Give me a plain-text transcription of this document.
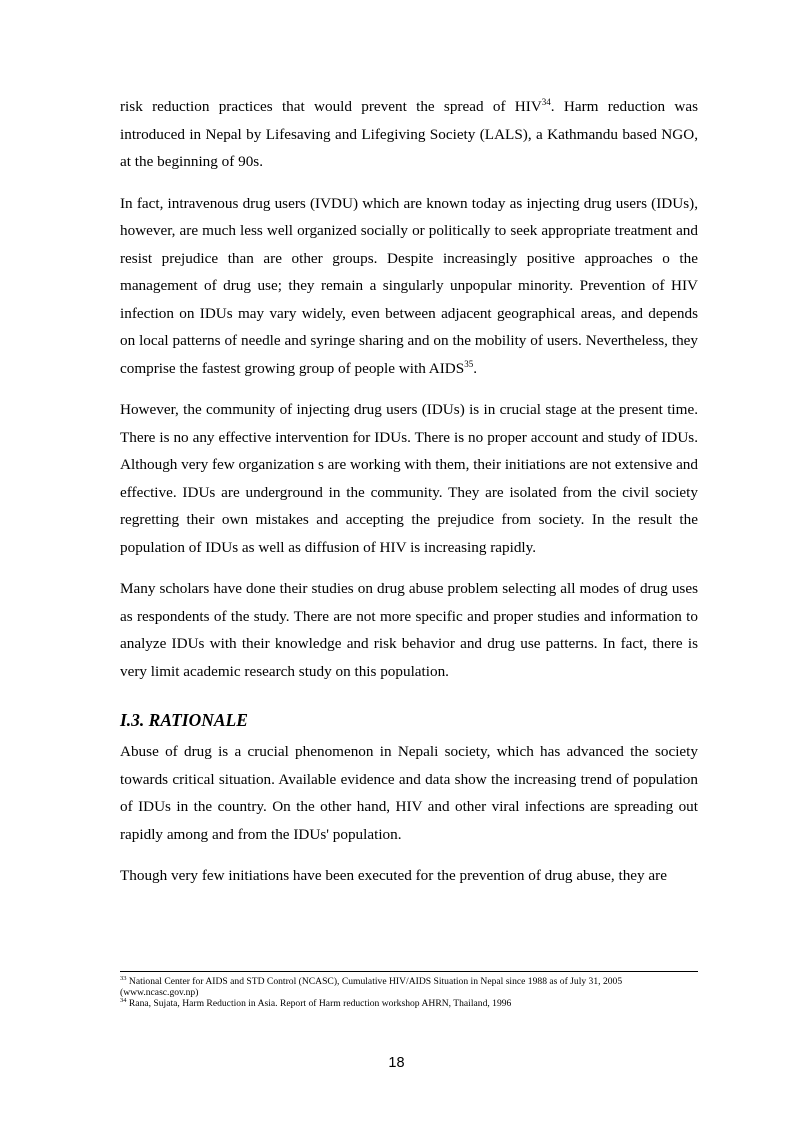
risk reduction practices that would prevent the spread of HIV$^{34}$. Harm reduction was introduced in Nepal by Lifesaving and Lifegiving Society (LALS), a Kathmandu based NGO, at the beginning of 90s.

In fact, intravenous drug users (IVDU) which are known today as injecting drug users (IDUs), however, are much less well organized socially or politically to seek appropriate treatment and resist prejudice than are other groups. Despite increasingly positive approaches o the management of drug use; they remain a singularly unpopular minority. Prevention of HIV infection on IDUs may vary widely, even between adjacent geographical areas, and depends on local patterns of needle and syringe sharing and on the mobility of users. Nevertheless, they comprise the fastest growing group of people with AIDS$^{35}$.

However, the community of injecting drug users (IDUs) is in crucial stage at the present time. There is no any effective intervention for IDUs. There is no proper account and study of IDUs. Although very few organization s are working with them, their initiations are not extensive and effective. IDUs are underground in the community. They are isolated from the civil society regretting their own mistakes and accepting the prejudice from society. In the result the population of IDUs as well as diffusion of HIV is increasing rapidly.

Many scholars have done their studies on drug abuse problem selecting all modes of drug uses as respondents of the study. There are not more specific and proper studies and information to analyze IDUs with their knowledge and risk behavior and drug use patterns. In fact, there is very limit academic research study on this population.

I.3. RATIONALE

Abuse of drug is a crucial phenomenon in Nepali society, which has advanced the society towards critical situation. Available evidence and data show the increasing trend of population of IDUs in the country. On the other hand, HIV and other viral infections are spreading out rapidly among and from the IDUs' population.

Though very few initiations have been executed for the prevention of drug abuse, they are

$^{33}$ National Center for AIDS and STD Control (NCASC), Cumulative HIV/AIDS Situation in Nepal since 1988 as of July 31, 2005 (www.ncasc.gov.np)

$^{34}$ Rana, Sujata, Harm Reduction in Asia. Report of Harm reduction workshop AHRN, Thailand, 1996

18
